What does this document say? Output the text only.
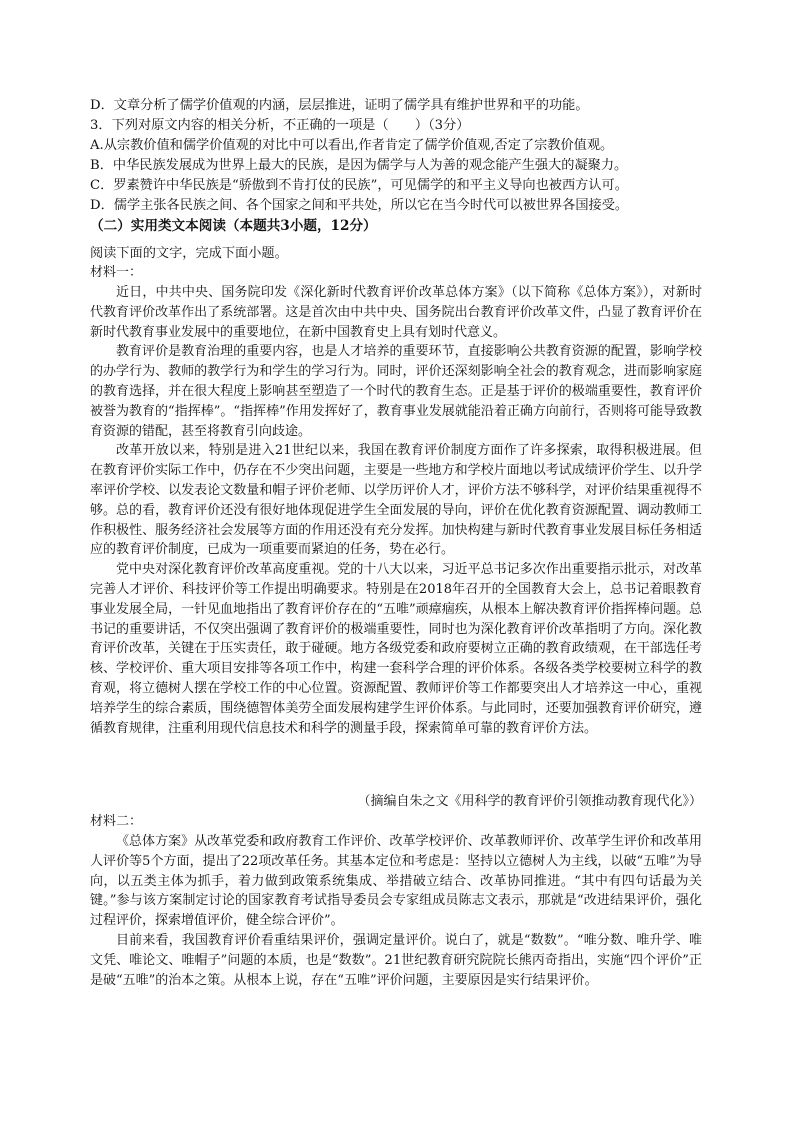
D．文章分析了儒学价值观的内涵，层层推进，证明了儒学具有维护世界和平的功能。
3．下列对原文内容的相关分析，不正确的一项是（　　）（3分）
A.从宗教价值和儒学价值观的对比中可以看出,作者肯定了儒学价值观,否定了宗教价值观。
B．中华民族发展成为世界上最大的民族，是因为儒学与人为善的观念能产生强大的凝聚力。
C．罗素赞许中华民族是“骄傲到不肯打仗的民族”，可见儒学的和平主义导向也被西方认可。
D．儒学主张各民族之间、各个国家之间和平共处，所以它在当今时代可以被世界各国接受。
（二）实用类文本阅读（本题共3小题，12分）
阅读下面的文字，完成下面小题。
材料一：

近日，中共中央、国务院印发《深化新时代教育评价改革总体方案》（以下简称《总体方案》），对新时代教育评价改革作出了系统部署。这是首次由中共中央、国务院出台教育评价改革文件，凸显了教育评价在新时代教育事业发展中的重要地位，在新中国教育史上具有划时代意义。

教育评价是教育治理的重要内容，也是人才培养的重要环节，直接影响公共教育资源的配置，影响学校的办学行为、教师的教学行为和学生的学习行为。同时，评价还深刻影响全社会的教育观念，进而影响家庭的教育选择，并在很大程度上影响甚至塑造了一个时代的教育生态。正是基于评价的极端重要性，教育评价被誉为教育的“指挥棒”。“指挥棒”作用发挥好了，教育事业发展就能沿着正确方向前行，否则将可能导致教育资源的错配，甚至将教育引向歧途。

改革开放以来，特别是进入21世纪以来，我国在教育评价制度方面作了许多探索，取得积极进展。但在教育评价实际工作中，仍存在不少突出问题，主要是一些地方和学校片面地以考试成绩评价学生、以升学率评价学校、以发表论文数量和帽子评价老师、以学历评价人才，评价方法不够科学，对评价结果重视得不够。总的看，教育评价还没有很好地体现促进学生全面发展的导向，评价在优化教育资源配置、调动教师工作积极性、服务经济社会发展等方面的作用还没有充分发挥。加快构建与新时代教育事业发展目标任务相适应的教育评价制度，已成为一项重要而紧迫的任务，势在必行。

党中央对深化教育评价改革高度重视。党的十八大以来，习近平总书记多次作出重要指示批示，对改革完善人才评价、科技评价等工作提出明确要求。特别是在2018年召开的全国教育大会上，总书记着眼教育事业发展全局，一针见血地指出了教育评价存在的“五唯”顽瘴痼疾，从根本上解决教育评价指挥棒问题。总书记的重要讲话，不仅突出强调了教育评价的极端重要性，同时也为深化教育评价改革指明了方向。深化教育评价改革，关键在于压实责任，敢于碰硬。地方各级党委和政府要树立正确的教育政绩观，在干部选任考核、学校评价、重大项目安排等各项工作中，构建一套科学合理的评价体系。各级各类学校要树立科学的教育观，将立德树人摆在学校工作的中心位置。资源配置、教师评价等工作都要突出人才培养这一中心，重视培养学生的综合素质，围绕德智体美劳全面发展构建学生评价体系。与此同时，还要加强教育评价研究，遵循教育规律，注重利用现代信息技术和科学的测量手段，探索简单可靠的教育评价方法。

（摘编自朱之文《用科学的教育评价引领推动教育现代化》）
材料二：

《总体方案》从改革党委和政府教育工作评价、改革学校评价、改革教师评价、改革学生评价和改革用人评价等5个方面，提出了22项改革任务。其基本定位和考虑是：坚持以立德树人为主线，以破“五唯”为导向，以五类主体为抓手，着力做到政策系统集成、举措破立结合、改革协同推进。“其中有四句话最为关键。”参与该方案制定讨论的国家教育考试指导委员会专家组成员陈志文表示，那就是“改进结果评价，强化过程评价，探索增值评价，健全综合评价”。

目前来看，我国教育评价看重结果评价，强调定量评价。说白了，就是“数数”。“唯分数、唯升学、唯文凭、唯论文、唯帽子”问题的本质，也是“数数”。21世纪教育研究院院长熊丙奇指出，实施“四个评价”正是破“五唯”的治本之策。从根本上说，存在“五唯”评价问题，主要原因是实行结果评价。
